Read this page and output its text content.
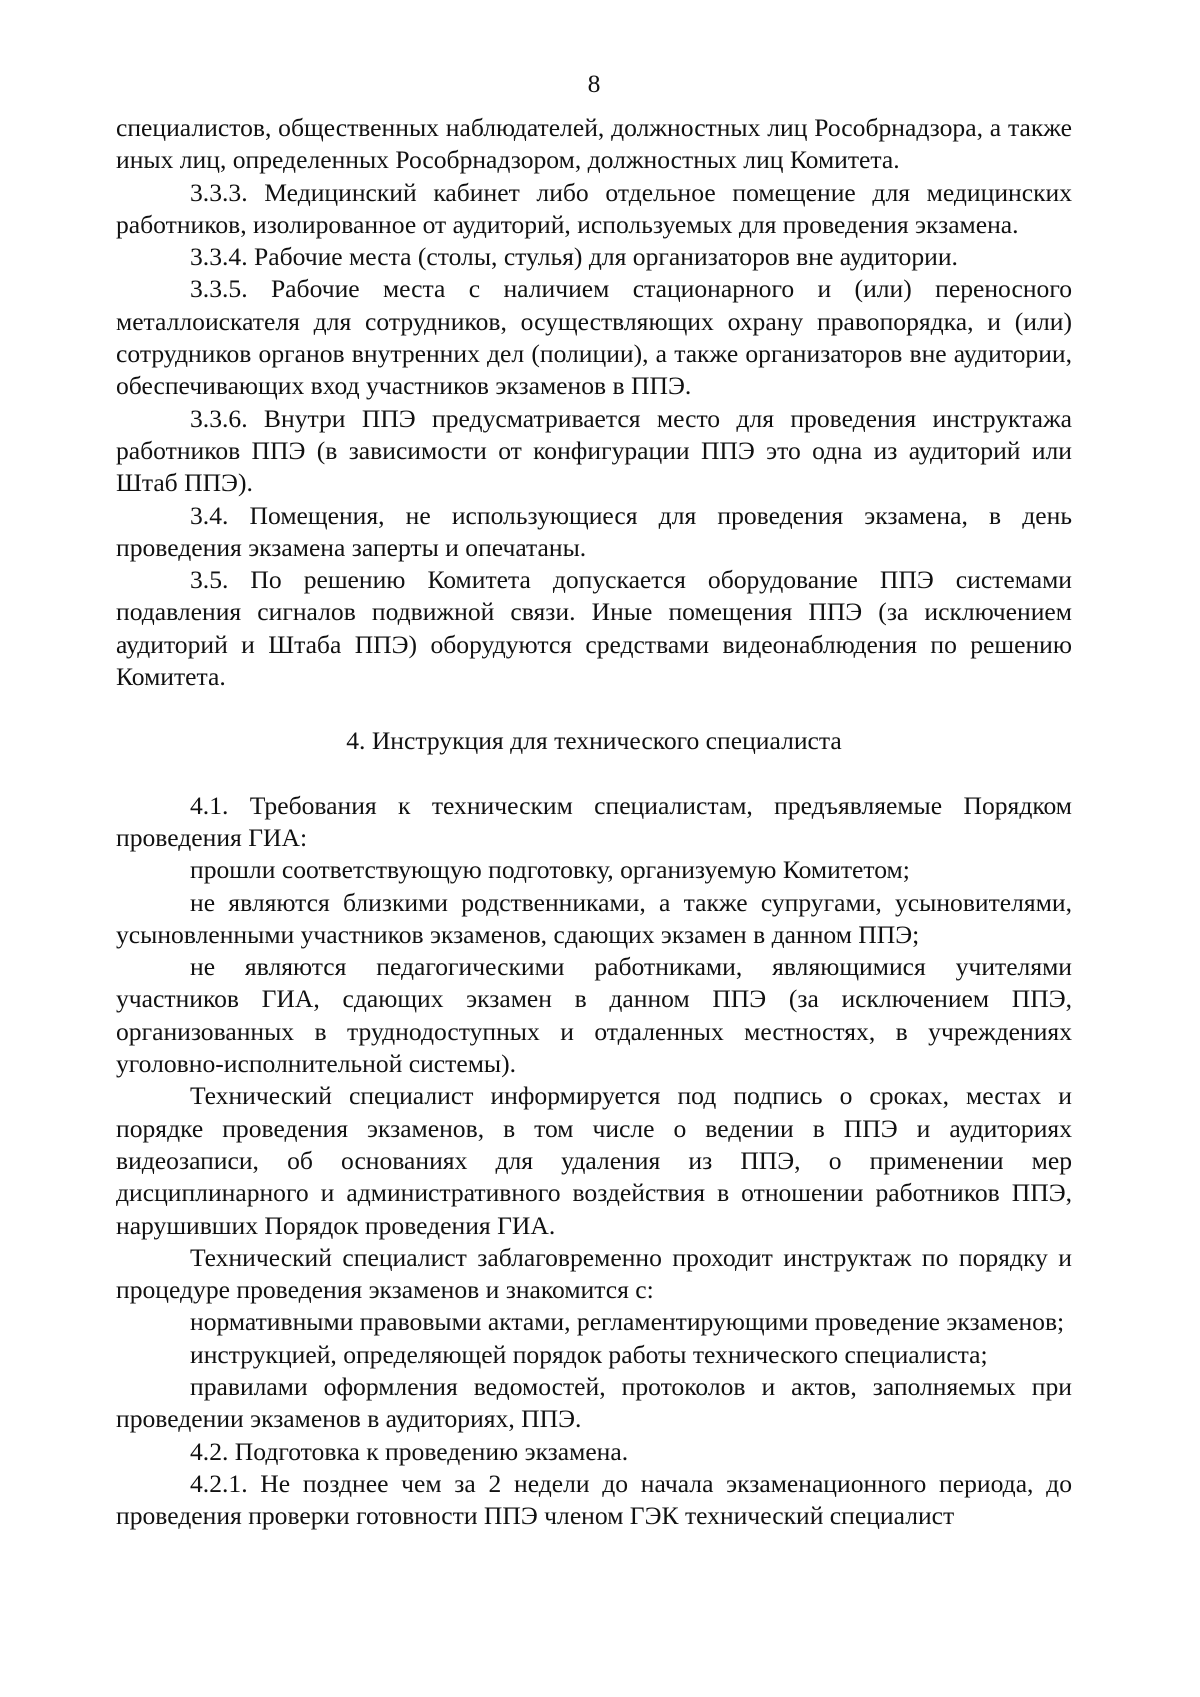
8

специалистов, общественных наблюдателей, должностных лиц Рособрнадзора, а также иных лиц, определенных Рособрнадзором, должностных лиц Комитета.

3.3.3. Медицинский кабинет либо отдельное помещение для медицинских работников, изолированное от аудиторий, используемых для проведения экзамена.

3.3.4. Рабочие места (столы, стулья) для организаторов вне аудитории.

3.3.5. Рабочие места с наличием стационарного и (или) переносного металлоискателя для сотрудников, осуществляющих охрану правопорядка, и (или) сотрудников органов внутренних дел (полиции), а также организаторов вне аудитории, обеспечивающих вход участников экзаменов в ППЭ.

3.3.6. Внутри ППЭ предусматривается место для проведения инструктажа работников ППЭ (в зависимости от конфигурации ППЭ это одна из аудиторий или Штаб ППЭ).

3.4. Помещения, не использующиеся для проведения экзамена, в день проведения экзамена заперты и опечатаны.

3.5. По решению Комитета допускается оборудование ППЭ системами подавления сигналов подвижной связи. Иные помещения ППЭ (за исключением аудиторий и Штаба ППЭ) оборудуются средствами видеонаблюдения по решению Комитета.

4. Инструкция для технического специалиста

4.1. Требования к техническим специалистам, предъявляемые Порядком проведения ГИА:

прошли соответствующую подготовку, организуемую Комитетом;

не являются близкими родственниками, а также супругами, усыновителями, усыновленными участников экзаменов, сдающих экзамен в данном ППЭ;

не являются педагогическими работниками, являющимися учителями участников ГИА, сдающих экзамен в данном ППЭ (за исключением ППЭ, организованных в труднодоступных и отдаленных местностях, в учреждениях уголовно-исполнительной системы).

Технический специалист информируется под подпись о сроках, местах и порядке проведения экзаменов, в том числе о ведении в ППЭ и аудиториях видеозаписи, об основаниях для удаления из ППЭ, о применении мер дисциплинарного и административного воздействия в отношении работников ППЭ, нарушивших Порядок проведения ГИА.

Технический специалист заблаговременно проходит инструктаж по порядку и процедуре проведения экзаменов и знакомится с:

нормативными правовыми актами, регламентирующими проведение экзаменов;

инструкцией, определяющей порядок работы технического специалиста;

правилами оформления ведомостей, протоколов и актов, заполняемых при проведении экзаменов в аудиториях, ППЭ.

4.2. Подготовка к проведению экзамена.

4.2.1. Не позднее чем за 2 недели до начала экзаменационного периода, до проведения проверки готовности ППЭ членом ГЭК технический специалист
